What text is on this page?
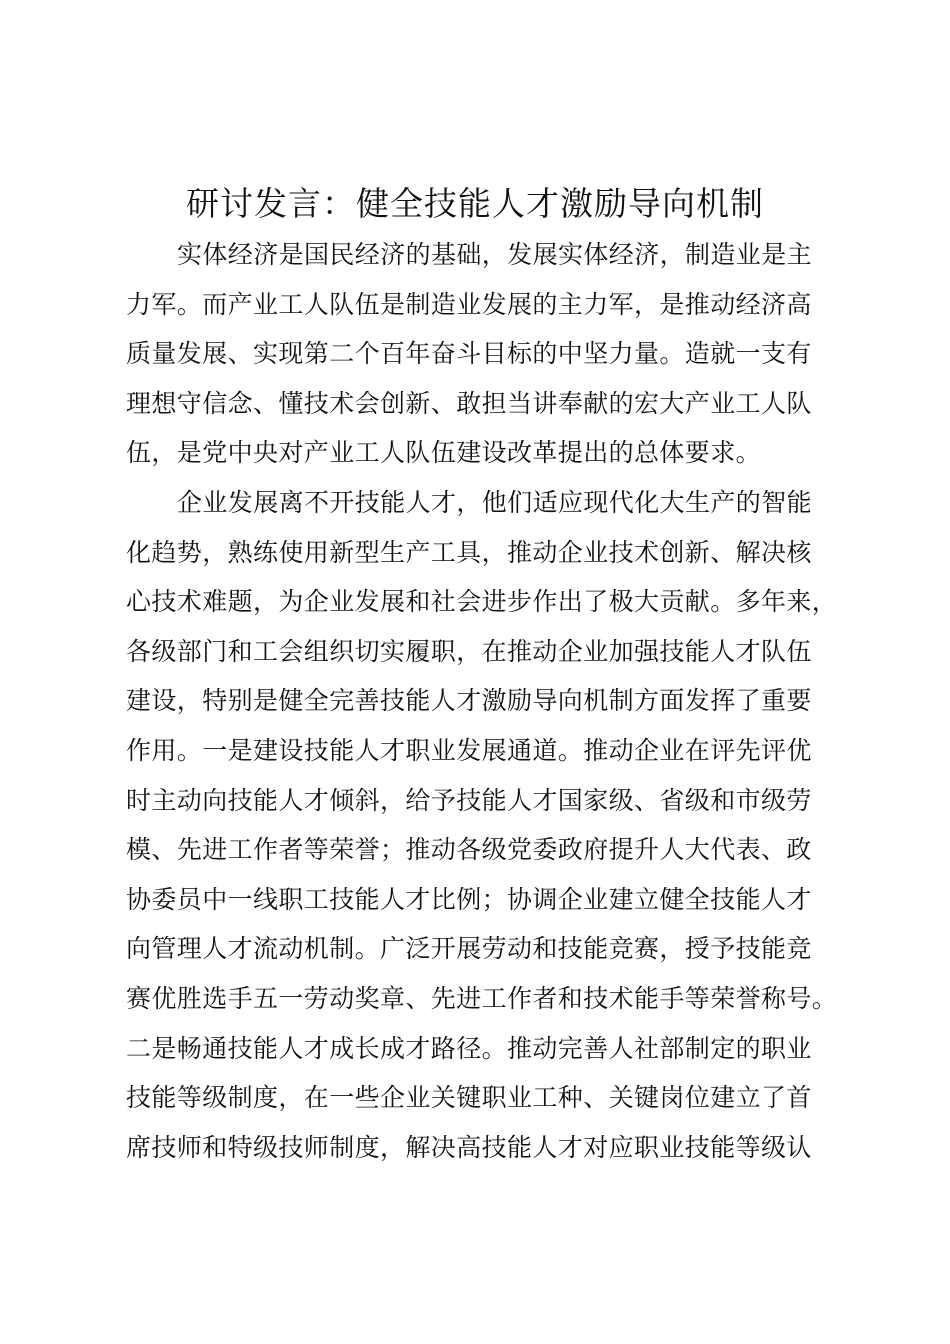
研讨发言：健全技能人才激励导向机制
实体经济是国民经济的基础，发展实体经济，制造业是主
力军。而产业工人队伍是制造业发展的主力军，是推动经济高
质量发展、实现第二个百年奋斗目标的中坚力量。造就一支有
理想守信念、懂技术会创新、敢担当讲奉献的宏大产业工人队
伍，是党中央对产业工人队伍建设改革提出的总体要求。
企业发展离不开技能人才，他们适应现代化大生产的智能
化趋势，熟练使用新型生产工具，推动企业技术创新、解决核
心技术难题，为企业发展和社会进步作出了极大贡献。多年来，
各级部门和工会组织切实履职，在推动企业加强技能人才队伍
建设，特别是健全完善技能人才激励导向机制方面发挥了重要
作用。一是建设技能人才职业发展通道。推动企业在评先评优
时主动向技能人才倾斜，给予技能人才国家级、省级和市级劳
模、先进工作者等荣誉；推动各级党委政府提升人大代表、政
协委员中一线职工技能人才比例；协调企业建立健全技能人才
向管理人才流动机制。广泛开展劳动和技能竞赛，授予技能竞
赛优胜选手五一劳动奖章、先进工作者和技术能手等荣誉称号。
二是畅通技能人才成长成才路径。推动完善人社部制定的职业
技能等级制度，在一些企业关键职业工种、关键岗位建立了首
席技师和特级技师制度，解决高技能人才对应职业技能等级认
